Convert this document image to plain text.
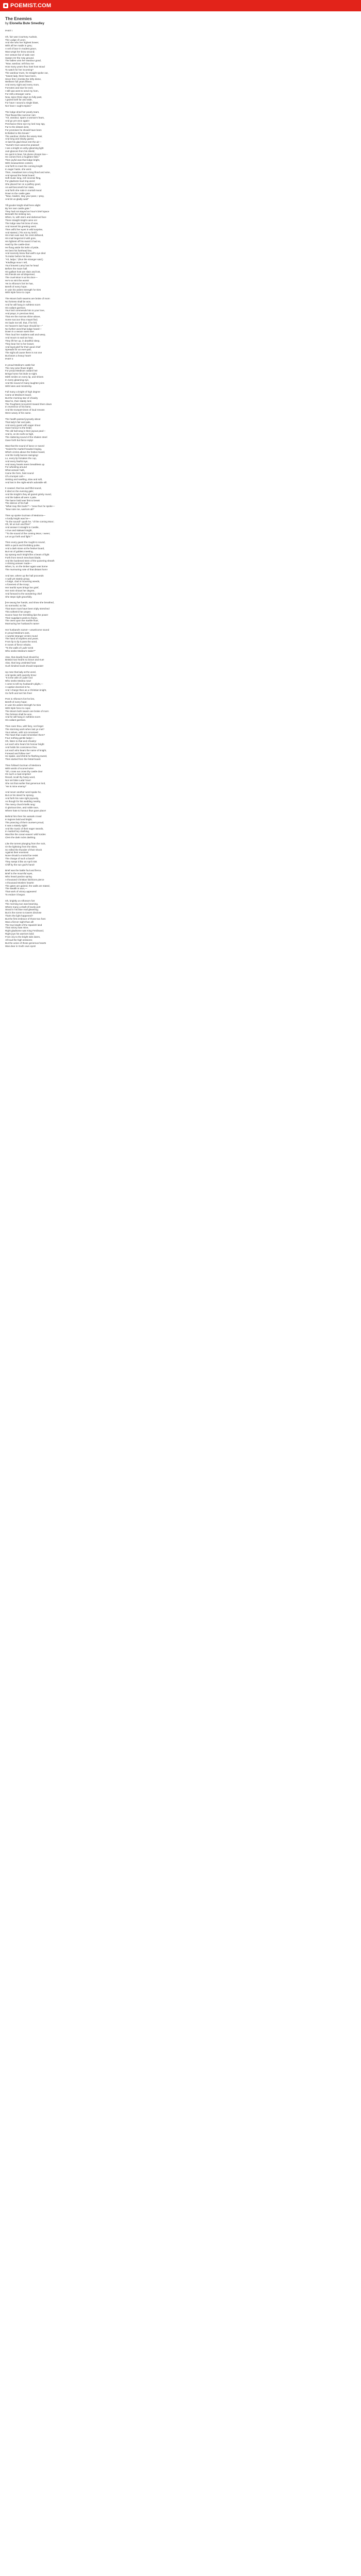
POEMIST.COM
The Enemies
by Elonella Bute Smedley

PART I

Oh, fair was Courtney Audrain,
The Lodge of Leon;
And she who her highest bower,
With all her maids in grey;
A veil of lace in modest grace,
Was wrapt her brow around;
Her vesture fair of satin rare
Swept o'er the rosy ground.
The ladies unto her wardour good,
"Now, wardour, tell thou me
How many years thou hast host stood
To watch for her incoming?
The wardour trues, he straight spoke out,
"Sweet lady, there have been,
Since first I clomba the lofty dome,
Wellnere full years fifteen.
And every night and every morn,
Fornotes and sixe for ever,
I still was went to send my horn,
For still a stranger came.
Now, twice three days so fully past,
I gazed both far and wide,
For have I wound a single blast,
Nor have I ought espied."

The lodge dried her pearly tears,
That flowed like summer rain:
"Ah, wardour, spare a woman's fears,
And go yet once again!
Perchance thine eye my lord may spy,
Far to the distant west,
For promises he should have been
Enfolded to this breast."
The wardour climbe the weary stair,
And long and slowly gazed,
At last his glad shout rent the air—
"Hurrah! God cannot be praised!
I see a knight on ashy-gleaming light
Just glances from his shield;
He quick is bear, his plume droops low—
He comes from a foughten field."
Then joyful was that lodge bright,
With measureless content,
And forth to meet the coming knight
In eager haste, she went.
Then, meadows tore a long flood and wine,
And spread the festal board;
Soft music long, rich incense fling,
For gladness loud ring word;
She placed her on a palfrey good,
As well becometh her state,
And forth she rode in mortall mood
Down to the castle gate.
"Now, maiden, stay your pace, I pray,
And let us gladly wait!"

Till gooder knight shall here alight
By her own castle gate."
They had not stayed an hour's brief space
Beneath the sinking sun,
When, lo, with stern and darkened face
There straight knight came on!
The lodge saw his brow of woe,
And marvel his greeting went;
Then will'd her eyes in wild surprise,
And started, ('Tis not my lord!')
His mien was sad, his crest defaced,
His mail begemm'd with gore,
His lightest off his sword it had so,
Hard by the castle-door.
He flung aside his helm of pride,
He bent his forehead low,
And scarcely knew that well's eye died
To traitor before his brow.
"Ah, ladye," (thus the stranger said,)
"Kindlings mour I tell,
Your bravest Lamy has he head
Before the maze hall.
His gallant host are slain and lost,
His friends are all dispersed,
The cruel Moor is at his door—
He's so mini the worst!
Yet is Alfonso's fort he has,
Bereft of every hope;
In vain his ardent strength he tries
With triple force to cope.

The Moors both swarms are broke of morn
No fortress shall be won,
And he will hang in ruthless scorn
His valiant garrison.
Your lord commends him to your love,
And prays, in precious kind,
That ere the morrow shine above,
Some succour thou mayst find;
He bade me tell, that, if he fell,
He heaven's last hope should be—"
No further word that lodge heard—
Down in a swoon sank she!
Then loud her maidens wail and weep,
And mourn to wail an hour,
They lift her up, in deathful sleep,
They bear her to her bower,
And loyal grief for their good chief
Spreads for an ever-part,
The sight all cause there is not one
But bears a heavy heart!
PART II

In proud Medina's castle fair
The rosy wine flows bright;
For proud Medina's valiant heir
Brings home his bride to-night.
Mirth smiles on every lip, and shines
In every gleaming eye,
And the sound of many laughter joins
With lutes and minstrelsy.

Full many a knight of high degree
Came at Medina's board,
But the morning star of chivalry
Was he, their stately lord.
The Toughtest recounts'd toward them down
In reverence of his fame,
And the trumpet-times of loud renown
Were weary of his name.

The health passed joyously about
That lady's fair and pale,
And every guest with eager shout
Gave honour to the bride;
The old hall rang in their joyous peal—
And lo, on its roofs so high,
The clattering sound of the shaken steel
Gave forth but fierce reply!

Was that the sound of lance or sword
"Gainst the marbel-headed ringing,
Which circles above the festive board,
And the lordly barons swinging!
Lo, every lip forsakes the cup,
And every fearful eye,
And many hearts seem breathless up
For wheeling around
What answer hath,
Came the form, faint sound
Of a trumpet call—
Sinking and swelling, slow and soft,
And lost in the night-wind's adorable sill.

It ceased, that low and fitful sound,
It died on the evening gale;
And the knight's they all gazed grimly round,
And the ladies all were 4 pale.
The baron bold was first to break
The silence of his hall:
"What may this bode?"—"wow thus he spoke—
"Now note me, warriors all!"

Then up spoke Guzman of Medonra—
A lordly knight was he—
"To the sound!" quoth he, "of the coming Moor;
Oh, let us turn and flee!"
And answer it straight to Castile,
A true and stalwart knight,
""To the sound of the coming Moor, I ween;
Let us go forth and fight.""

Then every guest the rought-to sound,
With a quick and throbbing pulse,
And a dark stone at the festive board,
But not of goblets meeting,
Up sprang each knight like a beam of light
Forth from trench trenchant blade,
And the burdened stem of the quivering sheath
A shining answer made—
When, lo, on the timber again was borne
The murmuring note of that distant horn!

And see, where up the hall proceeds
A wall yet stately group,
A lodge, clad in mourning weeds,
A forerrest of the troop;
Her tearful eyes brings her grief,
Her mein shows her degree,
And forward to the wondering chief
She steps right gracefully.

[He swung her hands, and show she breathed,
So sorrowful, so fair,
That tears must have been triply stretched
This softest'd her prayer.
Scarce have her trembling lips the power
Their suppliant words to frame,
The ones upon the marble floor,
Murmuring her husband's name!

Her husband's name!—unwelcome sound
In proud Medina's ears,
A woeful stranger circles round
The hand of trophies and years.
From lip to lip it pass the word,
In tones of fierce rebuke,
"To the walls of Lads' tomb
Who seeks Medina's stake?"

Alas, that deadly feud should be
Betwixt two hearts so brave and true!
Alas, that long unstinted heat
Such kindred souls should separate!

Up rose that lady at the word,
And spoke with queenly brow:
"It is the wife of Ladis' lord
Who seeks Medina now!
I come to tell my husband's plight,—
A captive doomed is he,
And I charge thee as a Christian knight,
Go forth and set him free!

Pent in Alfonso's fort he lies,
Bereft of every hope;
In vain his ardent strength he tries
With triple force to cope;
The Moors both swarm are broke of morn
The fortress shall be won,
And he will hang in ruthless scorn
His valiant garrison.

Then rarer thou, with fiery, not forget
The storming work when last ye met?
Your selves, with not conceived
The heart that could remember them?
Four nothing gentle ladye—
Oh, listen to that and chivalry!
Let each who hears his honour bright
And holds his conscience free,
Let each who bears the name of knight,
Forward and follow me!"
He spake, and shrink he flashing sword,
Then darted from the festal board.

Then followd Guzman of Medonra
With words of scornel wine:
"Oh, cross our cross thy castle door
On such a mad emprise!
Recall, recall thy hasty word,
Nor set false Lada' hour!
She not that earlier that generous lord,
"He is mine enemy!"

And never another word spake he,
But on his steed he sprang,
And forth his note right joyously,
As though for his wedding nearby,
The merry church-bells rang:
O glorious time, and noble race,
Where hate to honour thus gave place!

Behind him then his vassals crowd
In legions bold and bright;
The prancing of their coursers proud,
It was a stately sight!
And the music of their eager swords,
In martial fury clashing,
Was like the ocean-waves' wild hordes
Clem the dark rocks dashing.

Like the torrent plunging from the rock,
Or the lightning from the skies,
So rolled the thunder of their shock
Against their enemies!
None should a mortal foe resist
The charge of such a band?
They swept it like an April mist
Chiff by the sun god's hand!

Brief was the battle foul and fierce,
Brief to the mournful eyes,
Who heard pardon spring
A thousand Christian falchions pierce
A thousand Moslem hearts!
The gates are gained, the walls are stated,
The stealth is won,—
That work of victory appeared
To endure it begun.

Oh, brightly on Alfonso's fort
The morning sun was beaming,
Where many a shaft of lovely port
Stood in his blue mail gleaming;
But is the scene to towers disclose
That's the light happened?
But the first embrace of those two foes
Was a fiercer sight than all!
The true knight of the Spanish land
That victory was mine,
Right gladsome was King Ferdinand,
Right joys his warriors bold;
From city to the bright side dares,
All loud the high sessions;
But the union of those generous hearts
Was dear in God's own eyes!
